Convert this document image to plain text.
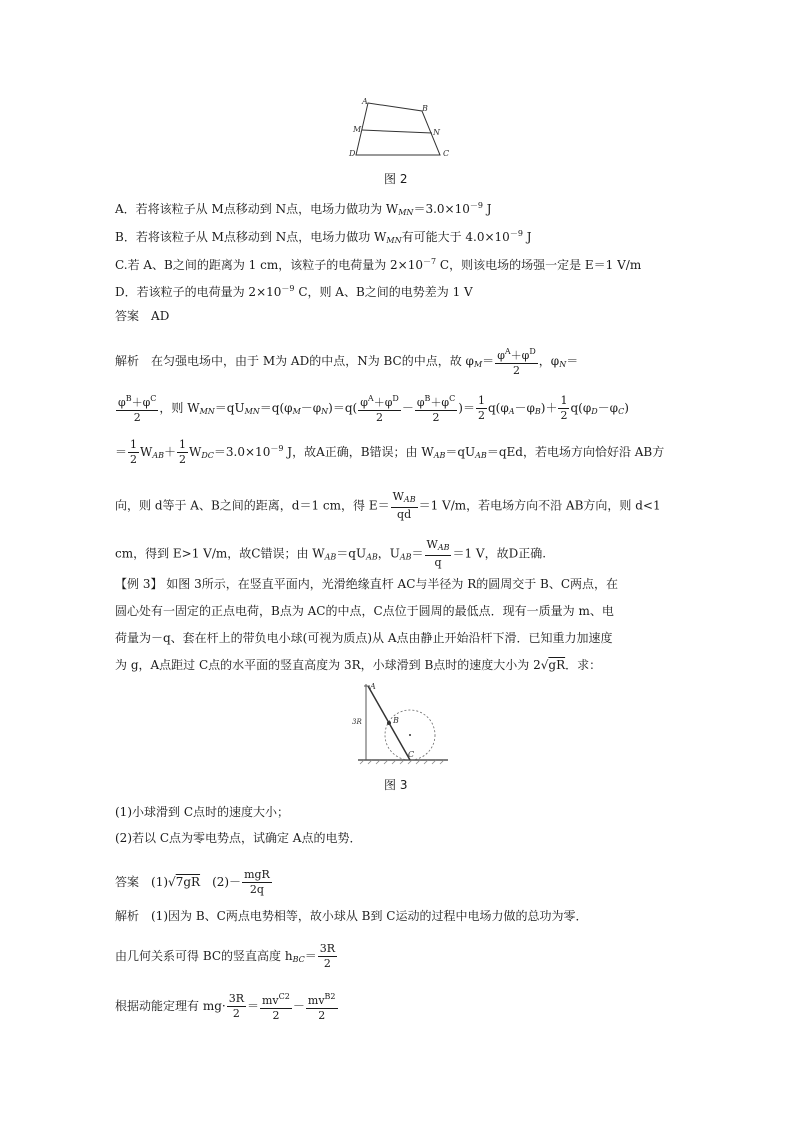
A
B
M	N
D	C
图 2
A．若将该粒子从 M点移动到 N点，电场力做功为 $W_{MN}=3.0\times 10^{-9}$ J
B．若将该粒子从 M点移动到 N点，电场力做功 $W_{MN}$有可能大于 $4.0\times 10^{-9}$ J
C.若 A、B之间的距离为 1 cm，该粒子的电荷量为 $2\times 10^{-7}$ C，则该电场的场强一定是 E＝1 V/m
D．若该粒子的电荷量为 $2\times 10^{-9}$ C，则 A、B之间的电势差为 1 V
答案　 AD
解析　在匀强电场中，由于 M为 AD的中点，N为 BC的中点，故 $\varphi_M= \frac{\varphi^A+\varphi^D}{2}$ ，$\varphi_N=$
$\frac{\varphi^B+\varphi^C}{2}$ ，则 $W_{MN}=qU_{MN}=q(\varphi_M-\varphi_N)=q( \frac{\varphi^A+\varphi^D}{2} - \frac{\varphi^B+\varphi^C}{2}$ )＝ $\frac{1}{2} q(\varphi_A-\varphi_B)+ \frac{1}{2} q(\varphi_D-\varphi_C)$
＝ $\frac{1}{2} W_{AB}+ \frac{1}{2} W_{DC}=3.0\times 10^{-9}$ J，故A正确，B错误；由 $W_{AB}=qU_{AB}=qEd$，若电场方向恰好沿 AB方
向，则 d等于 A、B之间的距离，d＝1 cm，得 $E= \frac{W_{AB}}{qd} =1$ V/m，若电场方向不沿 AB方向，则 d<1
cm，得到 E>1 V/m，故C错误；由 $W_{AB}=qU_{AB}$，$U_{AB}= \frac{W_{AB}}{q} =1$ V，故D正确.
【例 3】 如图 3所示，在竖直平面内，光滑绝缘直杆 AC与半径为 R的圆周交于 B、C两点，在
圆心处有一固定的正点电荷，B点为 AC的中点，C点位于圆周的最低点．现有一质量为 m、电
荷量为－q、套在杆上的带负电小球(可视为质点)从 A点由静止开始沿杆下滑．已知重力加速度
为 g，A点距过 C点的水平面的竖直高度为 3R，小球滑到 B点时的速度大小为 2√gR．求：
A
B
C
3R
图 3
(1)小球滑到 C点时的速度大小；
(2)若以 C点为零电势点，试确定 A点的电势．
答案　 (1)√7gR　 $(2)- \frac{\text{mgR}}{2q}$
解析　(1)因为 B、C两点电势相等，故小球从 B到 C运动的过程中电场力做的总功为零．
由几何关系可得 BC的竖直高度 $h_{BC}= \frac{3R}{2}$
根据动能定理有 $mg\cdot \frac{3R}{2} = \frac{mv^{C2}}{2} - \frac{mv^{B2}}{2}$
